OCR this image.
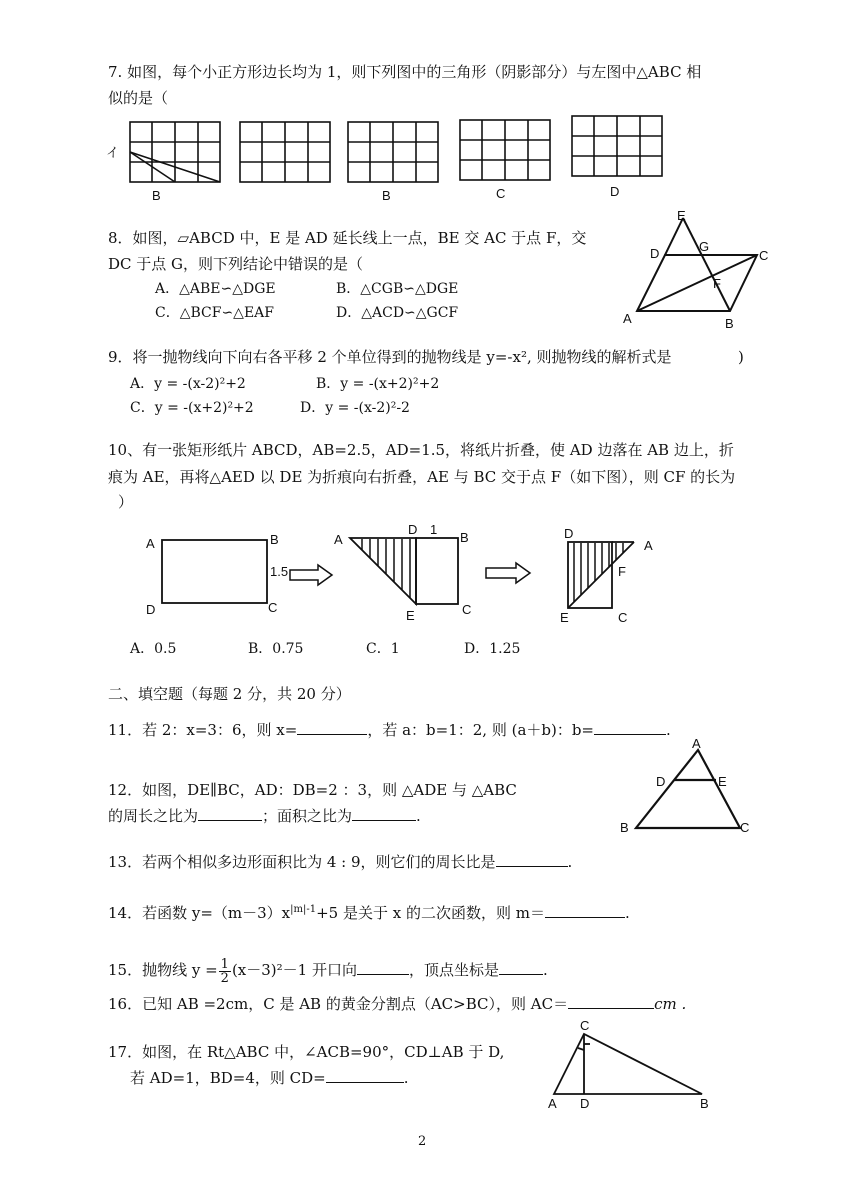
7. 如图，每个小正方形边长均为 1，则下列图中的三角形（阴影部分）与左图中△ABC 相
似的是（
イ
B	B	C	D
8．如图，▱ABCD 中，E 是 AD 延长线上一点，BE 交 AC 于点 F，交
DC 于点 G，则下列结论中错误的是（
A．△ABE∽△DGE	B．△CGB∽△DGE
C．△BCF∽△EAF	D．△ACD∽△GCF
E
D	G
C
F
A	B
9．将一抛物线向下向右各平移 2 个单位得到的抛物线是 y=-x², 则抛物线的解析式是	)
A．y = -(x-2)²+2	B．y = -(x+2)²+2
C．y = -(x+2)²+2	D．y = -(x-2)²-2
10、有一张矩形纸片 ABCD，AB=2.5，AD=1.5，将纸片折叠，使 AD 边落在 AB 边上，折
痕为 AE，再将△AED 以 DE 为折痕向右折叠，AE 与 BC 交于点 F（如下图），则 CF 的长为
）
A	B
D	C
1.5
A
D 1
B
E	C
D
A
F
E	C
A．0.5	B．0.75	C．1	D．1.25
二、填空题（每题 2 分，共 20 分）
11．若 2：x=3：6，则 x=	，若 a：b=1：2, 则 (a＋b)：b=	.
12．如图，DE∥BC，AD：DB=2 ：3，则 △ADE 与 △ABC
的周长之比为	；面积之比为	.
A
D	E
B	C
13．若两个相似多边形面积比为 4 : 9，则它们的周长比是	.
14．若函数 $y=(m-3)x^{|m|-1}+5$ 是关于 x 的二次函数，则 m＝	.
15．抛物线 $y = \frac{1}{2} (x-3)^2-1$ 开口向	，顶点坐标是	.
16．已知 AB =2cm，C 是 AB 的黄金分割点（AC>BC），则 AC＝	cm .
17．如图，在 Rt△ABC 中，∠ACB=90°，CD⊥AB 于 D,
若 AD=1，BD=4，则 CD=	.
C
A D	B
2
